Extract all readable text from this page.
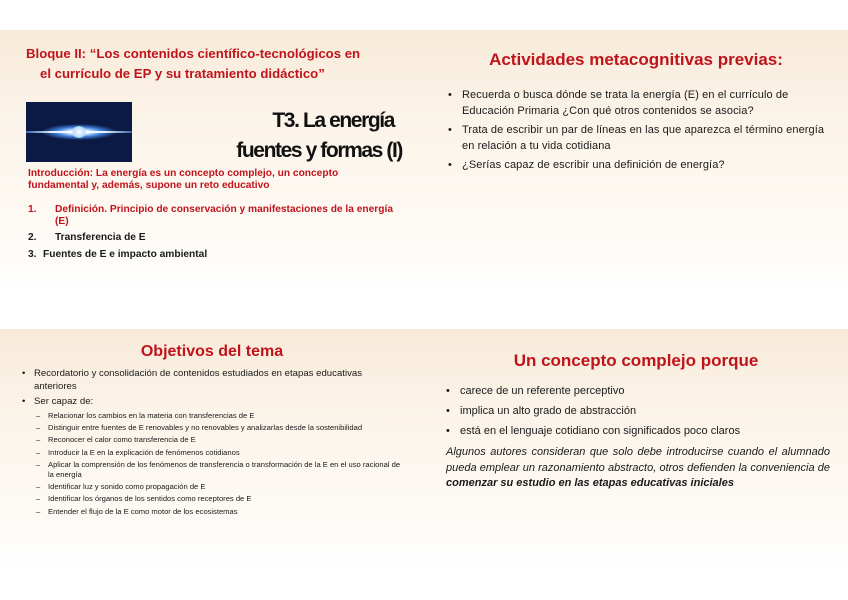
Bloque II: “Los contenidos científico-tecnológicos en
el currículo de EP y su tratamiento didáctico”
T3. La energía
fuentes y formas (I)
Introducción: La energía es un concepto complejo, un concepto fundamental y, además, supone un reto educativo
1.	Definición. Principio de conservación y manifestaciones de la energía (E)
2.	Transferencia de E
3. Fuentes de E e impacto ambiental
Actividades metacognitivas previas:
• Recuerda o busca dónde se trata la energía (E) en el currículo de Educación Primaria ¿Con qué otros contenidos se asocia?
• Trata de escribir un par de líneas en las que aparezca el término energía en relación a tu vida cotidiana
• ¿Serías capaz de escribir una definición de energía?
Objetivos del tema
• Recordatorio y consolidación de contenidos estudiados en etapas educativas anteriores
• Ser capaz de:
– Relacionar los cambios en la materia con transferencias de E
– Distinguir entre fuentes de E renovables y no renovables y analizarlas desde la sostenibilidad
– Reconocer el calor como transferencia de E
– Introducir la E en la explicación de fenómenos cotidianos
– Aplicar la comprensión de los fenómenos de transferencia o transformación de la E en el uso racional de la energía
– Identificar luz y sonido como propagación de E
– Identificar los órganos de los sentidos como receptores de E
– Entender el flujo de la E como motor de los ecosistemas
Un concepto complejo porque
• carece de un referente perceptivo
• implica un alto grado de abstracción
• está en el lenguaje cotidiano con significados poco claros

Algunos autores consideran que solo debe introducirse cuando el alumnado pueda emplear un razonamiento abstracto, otros defienden la conveniencia de comenzar su estudio en las etapas educativas iniciales
